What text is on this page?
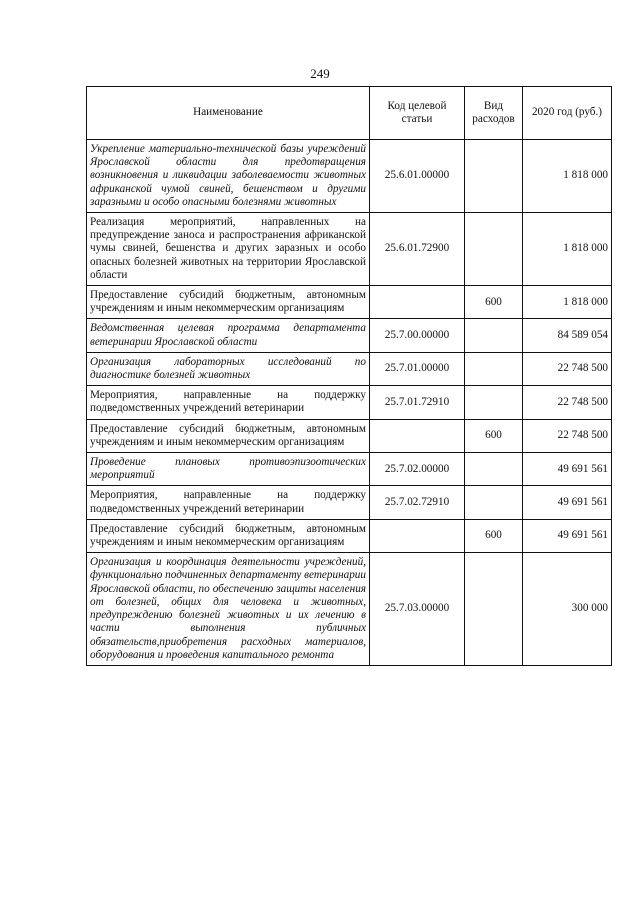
249
Наименование	Код целевой статьи	Вид расходов	2020 год (руб.)
Укрепление материально-технической базы учреждений Ярославской области для предотвращения возникновения и ликвидации заболеваемости животных африканской чумой свиней, бешенством и другими заразными и особо опасными болезнями животных	25.6.01.00000		1 818 000
Реализация мероприятий, направленных на предупреждение заноса и распространения африканской чумы свиней, бешенства и других заразных и особо опасных болезней животных на территории Ярославской области	25.6.01.72900		1 818 000
Предоставление субсидий бюджетным, автономным учреждениям и иным некоммерческим организациям		600	1 818 000
Ведомственная целевая программа департамента ветеринарии Ярославской области	25.7.00.00000		84 589 054
Организация лабораторных исследований по диагностике болезней животных	25.7.01.00000		22 748 500
Мероприятия, направленные на поддержку подведомственных учреждений ветеринарии	25.7.01.72910		22 748 500
Предоставление субсидий бюджетным, автономным учреждениям и иным некоммерческим организациям		600	22 748 500
Проведение плановых противоэпизоотических мероприятий	25.7.02.00000		49 691 561
Мероприятия, направленные на поддержку подведомственных учреждений ветеринарии	25.7.02.72910		49 691 561
Предоставление субсидий бюджетным, автономным учреждениям и иным некоммерческим организациям		600	49 691 561
Организация и координация деятельности учреждений, функционально подчиненных департаменту ветеринарии Ярославской области, по обеспечению защиты населения от болезней, общих для человека и животных, предупреждению болезней животных и их лечению в части выполнения публичных обязательств,приобретения расходных материалов, оборудования и проведения капитального ремонта	25.7.03.00000		300 000
